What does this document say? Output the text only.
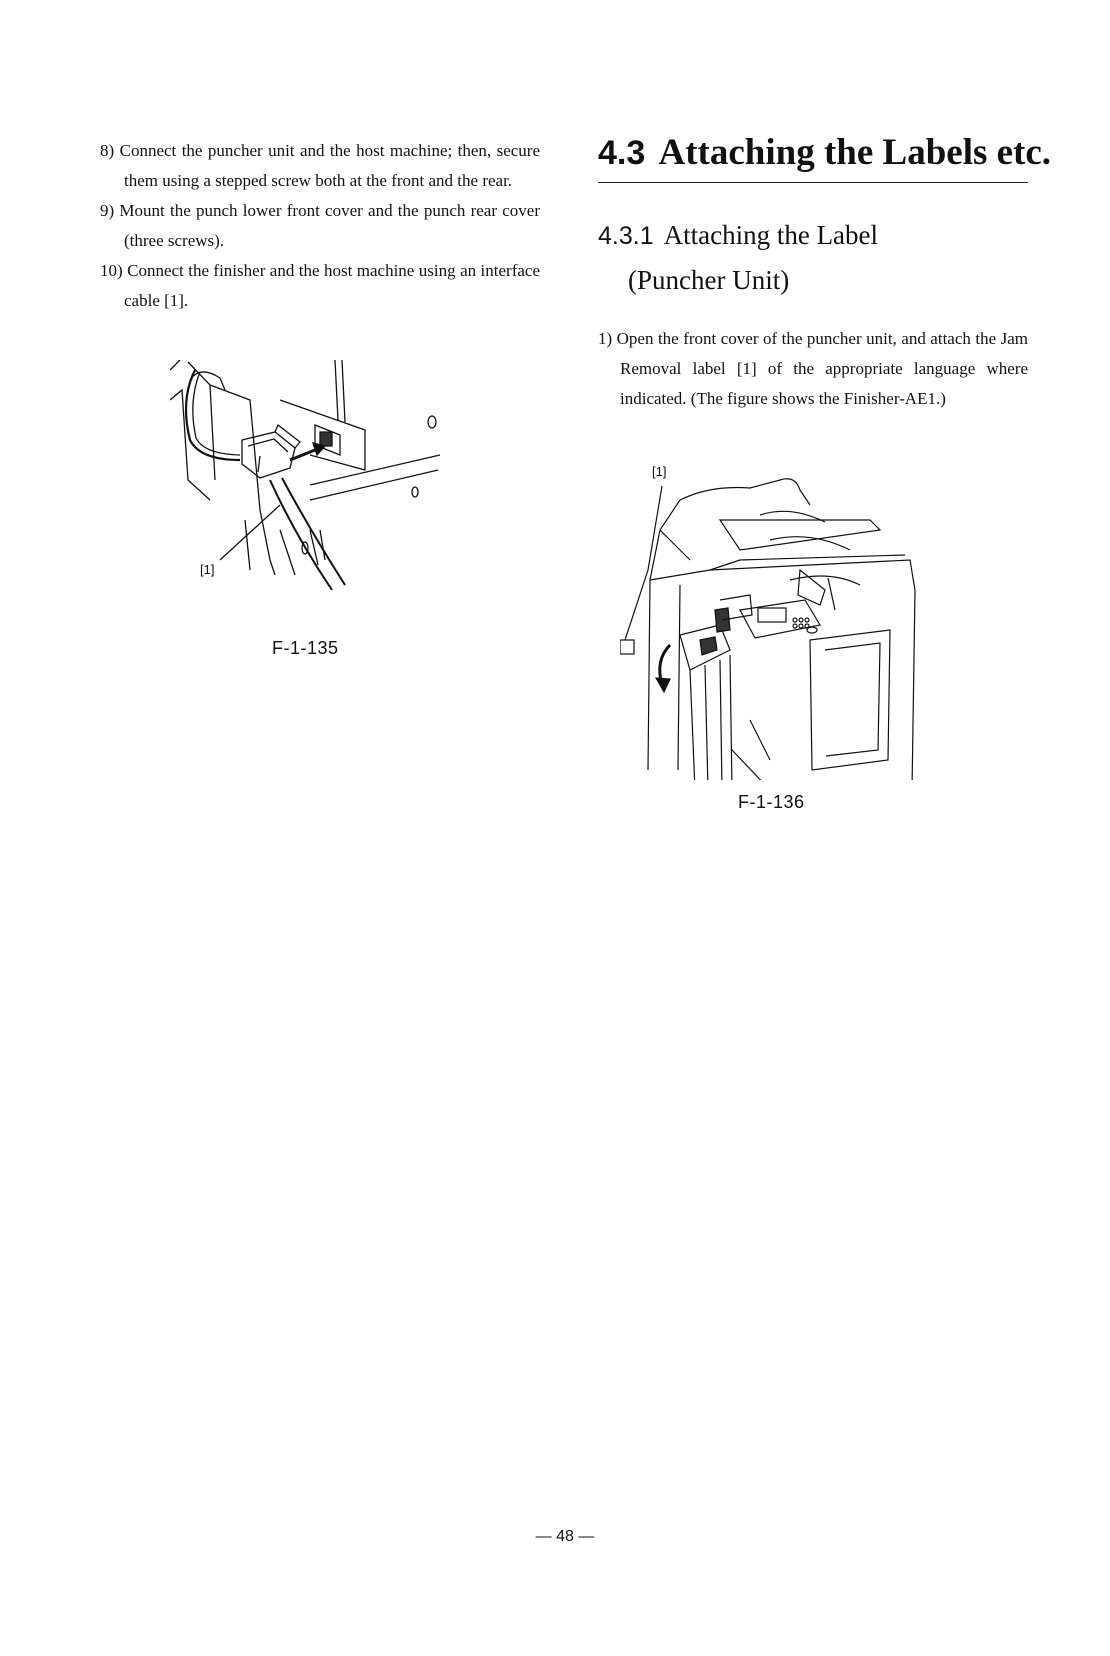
8) Connect the puncher unit and the host machine; then, secure them using a stepped screw both at the front and the rear.

9) Mount the punch lower front cover and the punch rear cover (three screws).

10) Connect the finisher and the host machine using an interface cable [1].

[1]
F-1-135
4.3 Attaching the Labels etc.
4.3.1 Attaching the Label
(Puncher Unit)

1) Open the front cover of the puncher unit, and attach the Jam Removal label [1] of the appropriate language where indicated. (The figure shows the Finisher-AE1.)

[1]
F-1-136
— 48 —
